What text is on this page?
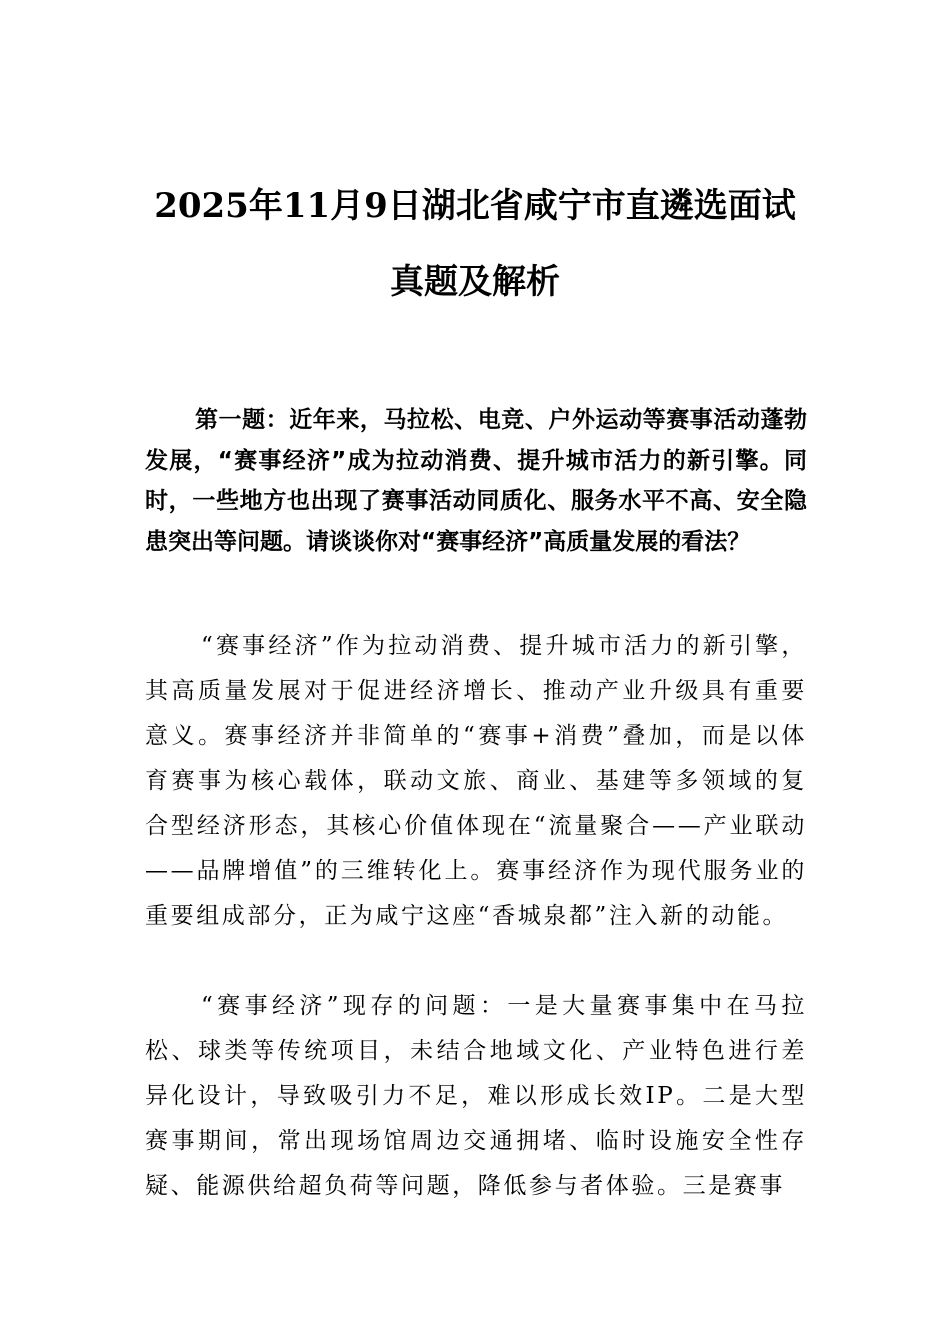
2025年11月9日湖北省咸宁市直遴选面试
真题及解析
第一题：近年来，马拉松、电竞、户外运动等赛事活动蓬勃发展，“赛事经济”成为拉动消费、提升城市活力的新引擎。同时，一些地方也出现了赛事活动同质化、服务水平不高、安全隐患突出等问题。请谈谈你对“赛事经济”高质量发展的看法？
“赛事经济”作为拉动消费、提升城市活力的新引擎，其高质量发展对于促进经济增长、推动产业升级具有重要意义。赛事经济并非简单的“赛事+消费”叠加，而是以体育赛事为核心载体，联动文旅、商业、基建等多领域的复合型经济形态，其核心价值体现在“流量聚合——产业联动——品牌增值”的三维转化上。赛事经济作为现代服务业的重要组成部分，正为咸宁这座“香城泉都”注入新的动能。
“赛事经济”现存的问题：一是大量赛事集中在马拉松、球类等传统项目，未结合地域文化、产业特色进行差异化设计，导致吸引力不足，难以形成长效IP。二是大型赛事期间，常出现场馆周边交通拥堵、临时设施安全性存疑、能源供给超负荷等问题，降低参与者体验。三是赛事
